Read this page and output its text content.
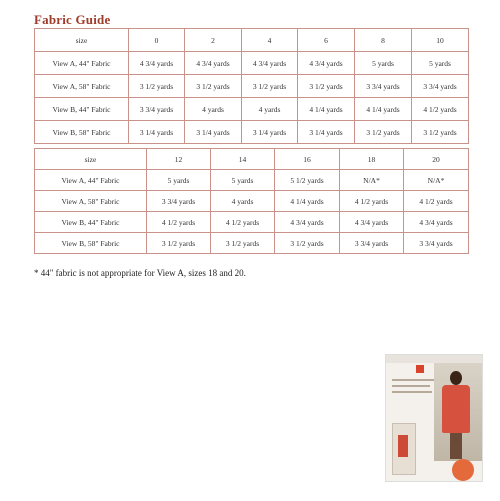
Fabric Guide
size	0	2	4	6	8	10
View A, 44" Fabric	4 3/4 yards	4 3/4 yards	4 3/4 yards	4 3/4 yards	5 yards	5 yards
View A, 58" Fabric	3 1/2 yards	3 1/2 yards	3 1/2 yards	3 1/2 yards	3 3/4 yards	3 3/4 yards
View B, 44" Fabric	3 3/4 yards	4 yards	4 yards	4 1/4 yards	4 1/4 yards	4 1/2 yards
View B, 58" Fabric	3 1/4 yards	3 1/4 yards	3 1/4 yards	3 1/4 yards	3 1/2 yards	3 1/2 yards
size	12	14	16	18	20
View A, 44" Fabric	5 yards	5 yards	5 1/2 yards	N/A*	N/A*
View A, 58" Fabric	3 3/4 yards	4 yards	4 1/4 yards	4 1/2 yards	4 1/2 yards
View B, 44" Fabric	4 1/2 yards	4 1/2 yards	4 3/4 yards	4 3/4 yards	4 3/4 yards
View B, 58" Fabric	3 1/2 yards	3 1/2 yards	3 1/2 yards	3 3/4 yards	3 3/4 yards
* 44" fabric is not appropriate for View A, sizes 18 and 20.
